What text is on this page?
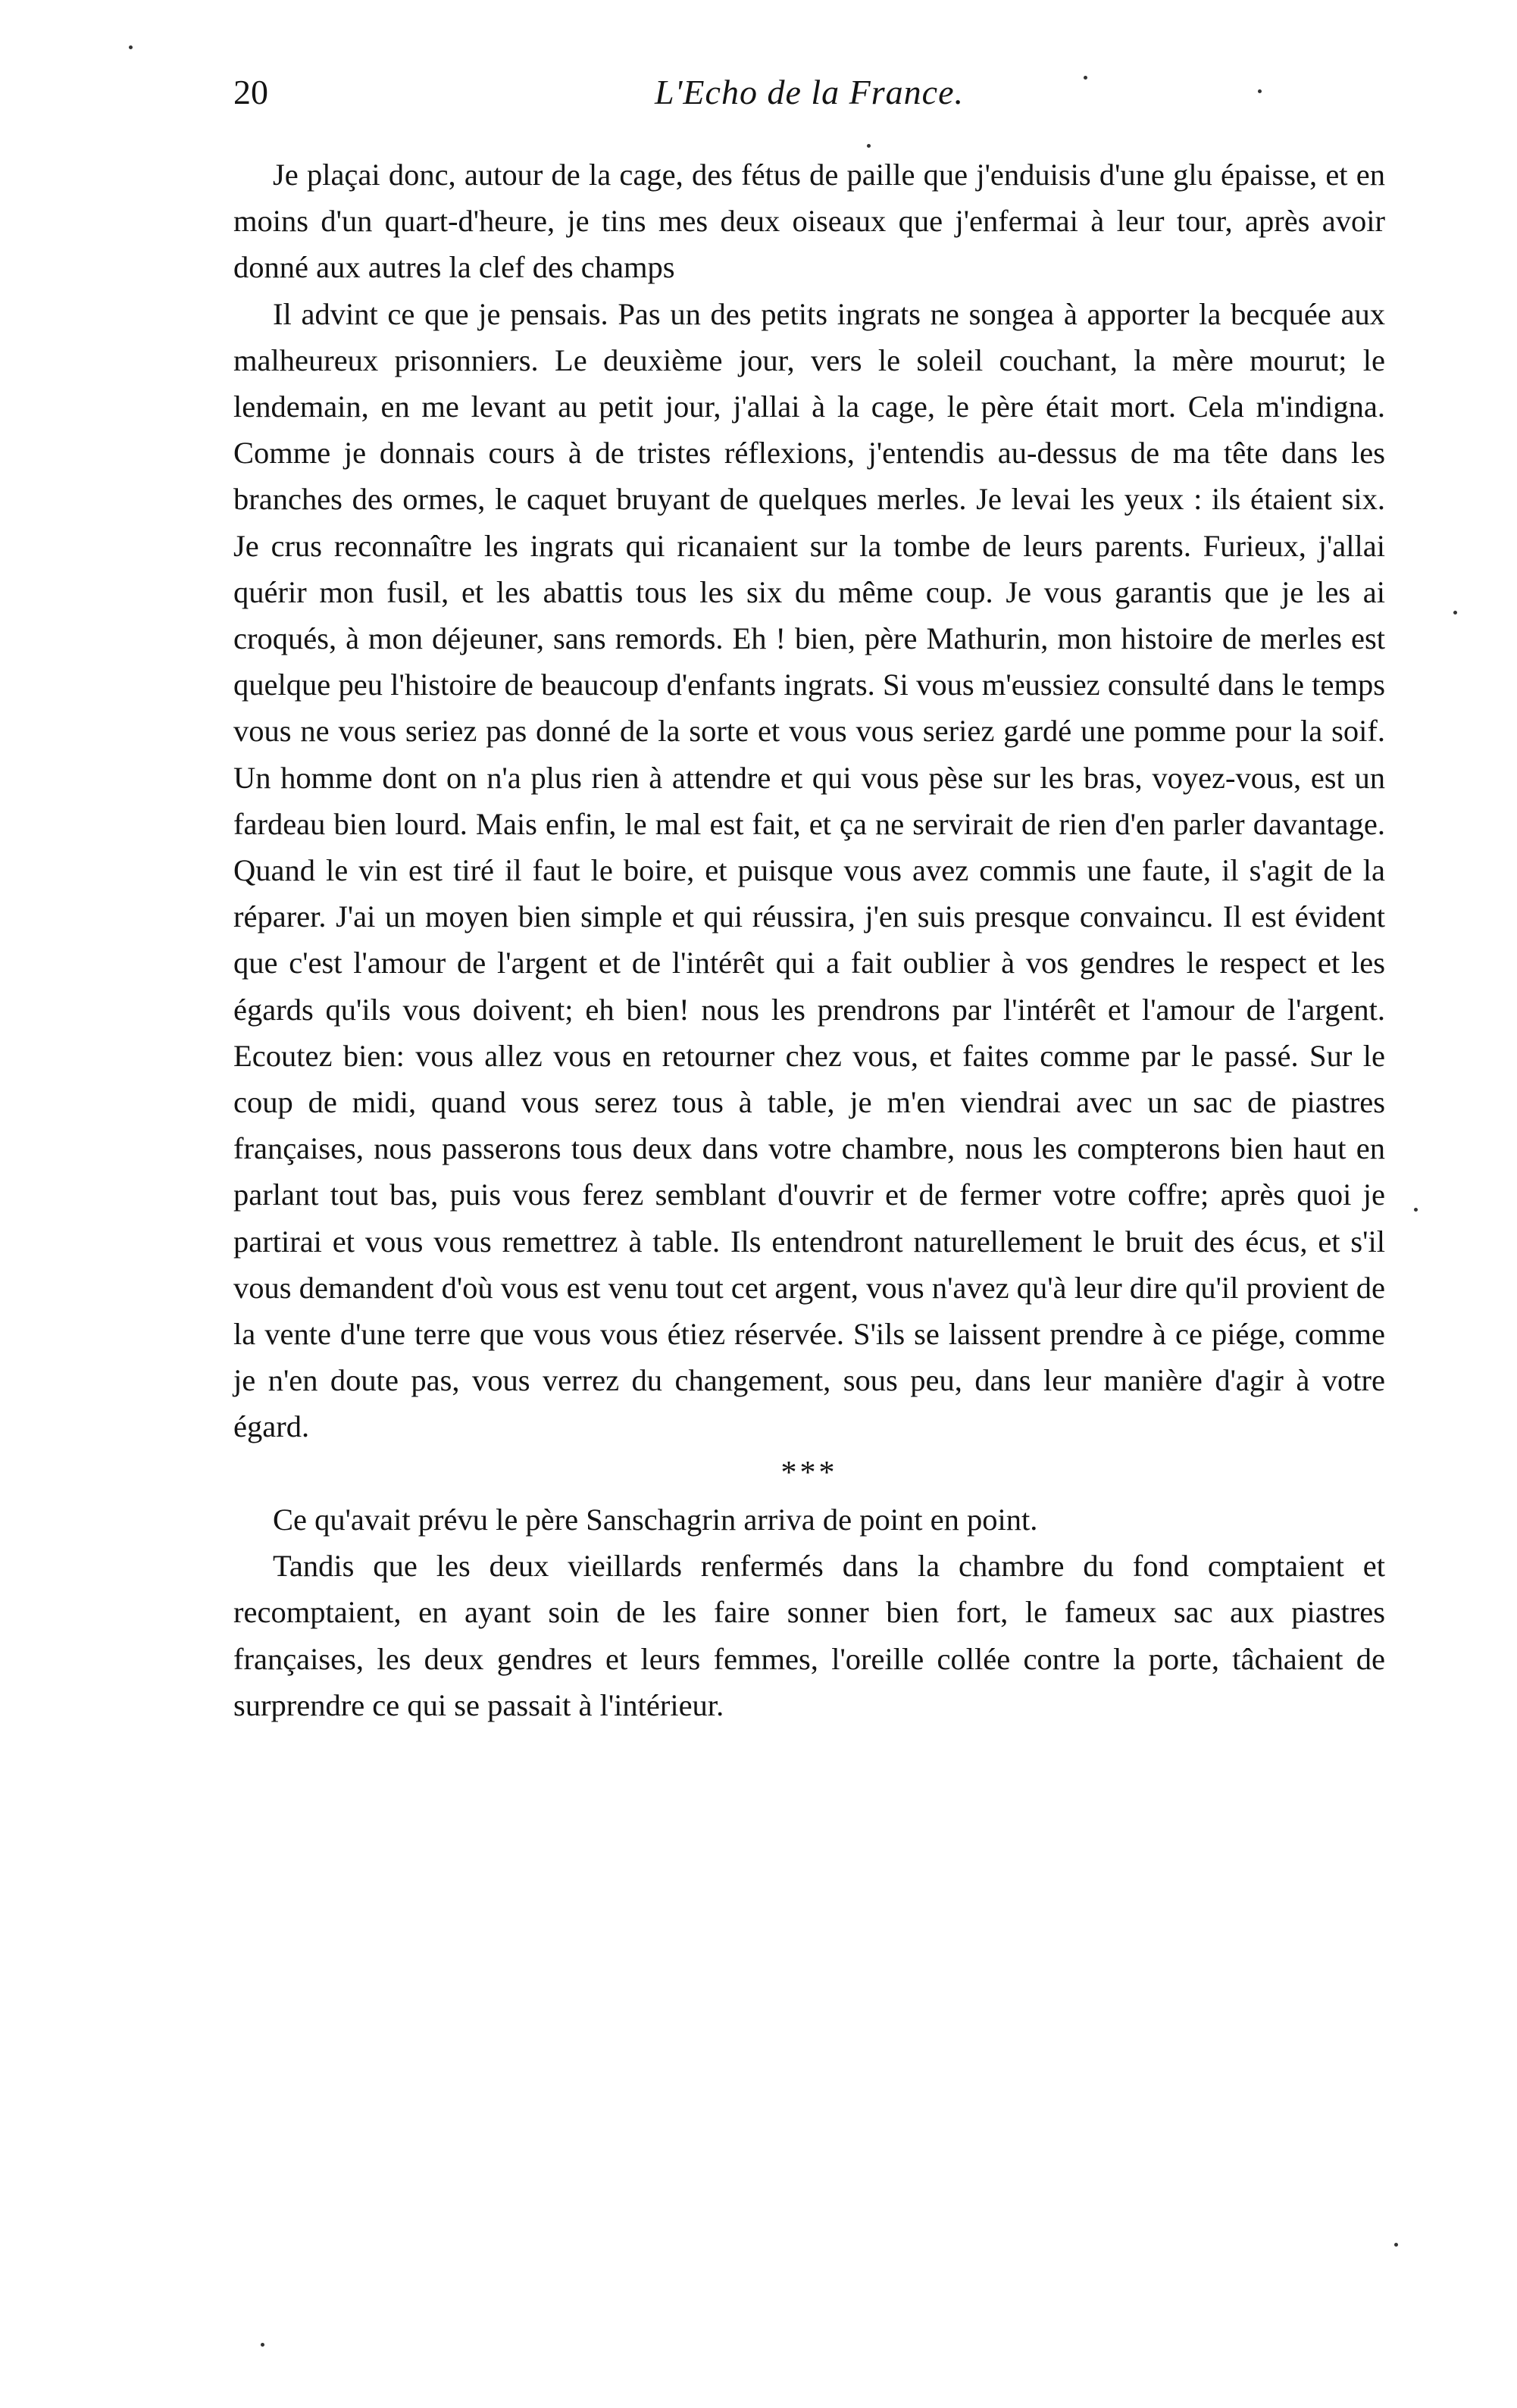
20	L'Echo de la France.

Je plaçai donc, autour de la cage, des fétus de paille que j'enduisis d'une glu épaisse, et en moins d'un quart-d'heure, je tins mes deux oiseaux que j'enfermai à leur tour, après avoir donné aux autres la clef des champs

Il advint ce que je pensais. Pas un des petits ingrats ne songea à apporter la becquée aux malheureux prisonniers. Le deuxième jour, vers le soleil couchant, la mère mourut; le lendemain, en me levant au petit jour, j'allai à la cage, le père était mort. Cela m'indigna. Comme je donnais cours à de tristes réflexions, j'entendis au-dessus de ma tête dans les branches des ormes, le caquet bruyant de quelques merles. Je levai les yeux : ils étaient six. Je crus reconnaître les ingrats qui ricanaient sur la tombe de leurs parents. Furieux, j'allai quérir mon fusil, et les abattis tous les six du même coup. Je vous garantis que je les ai croqués, à mon déjeuner, sans remords. Eh ! bien, père Mathurin, mon histoire de merles est quelque peu l'histoire de beaucoup d'enfants ingrats. Si vous m'eussiez consulté dans le temps vous ne vous seriez pas donné de la sorte et vous vous seriez gardé une pomme pour la soif. Un homme dont on n'a plus rien à attendre et qui vous pèse sur les bras, voyez-vous, est un fardeau bien lourd. Mais enfin, le mal est fait, et ça ne servirait de rien d'en parler davantage. Quand le vin est tiré il faut le boire, et puisque vous avez commis une faute, il s'agit de la réparer. J'ai un moyen bien simple et qui réussira, j'en suis presque convaincu. Il est évident que c'est l'amour de l'argent et de l'intérêt qui a fait oublier à vos gendres le respect et les égards qu'ils vous doivent; eh bien! nous les prendrons par l'intérêt et l'amour de l'argent. Ecoutez bien: vous allez vous en retourner chez vous, et faites comme par le passé. Sur le coup de midi, quand vous serez tous à table, je m'en viendrai avec un sac de piastres françaises, nous passerons tous deux dans votre chambre, nous les compterons bien haut en parlant tout bas, puis vous ferez semblant d'ouvrir et de fermer votre coffre; après quoi je partirai et vous vous remettrez à table. Ils entendront naturellement le bruit des écus, et s'il vous demandent d'où vous est venu tout cet argent, vous n'avez qu'à leur dire qu'il provient de la vente d'une terre que vous vous étiez réservée. S'ils se laissent prendre à ce piége, comme je n'en doute pas, vous verrez du changement, sous peu, dans leur manière d'agir à votre égard.

***

Ce qu'avait prévu le père Sanschagrin arriva de point en point.

Tandis que les deux vieillards renfermés dans la chambre du fond comptaient et recomptaient, en ayant soin de les faire sonner bien fort, le fameux sac aux piastres françaises, les deux gendres et leurs femmes, l'oreille collée contre la porte, tâchaient de surprendre ce qui se passait à l'intérieur.
